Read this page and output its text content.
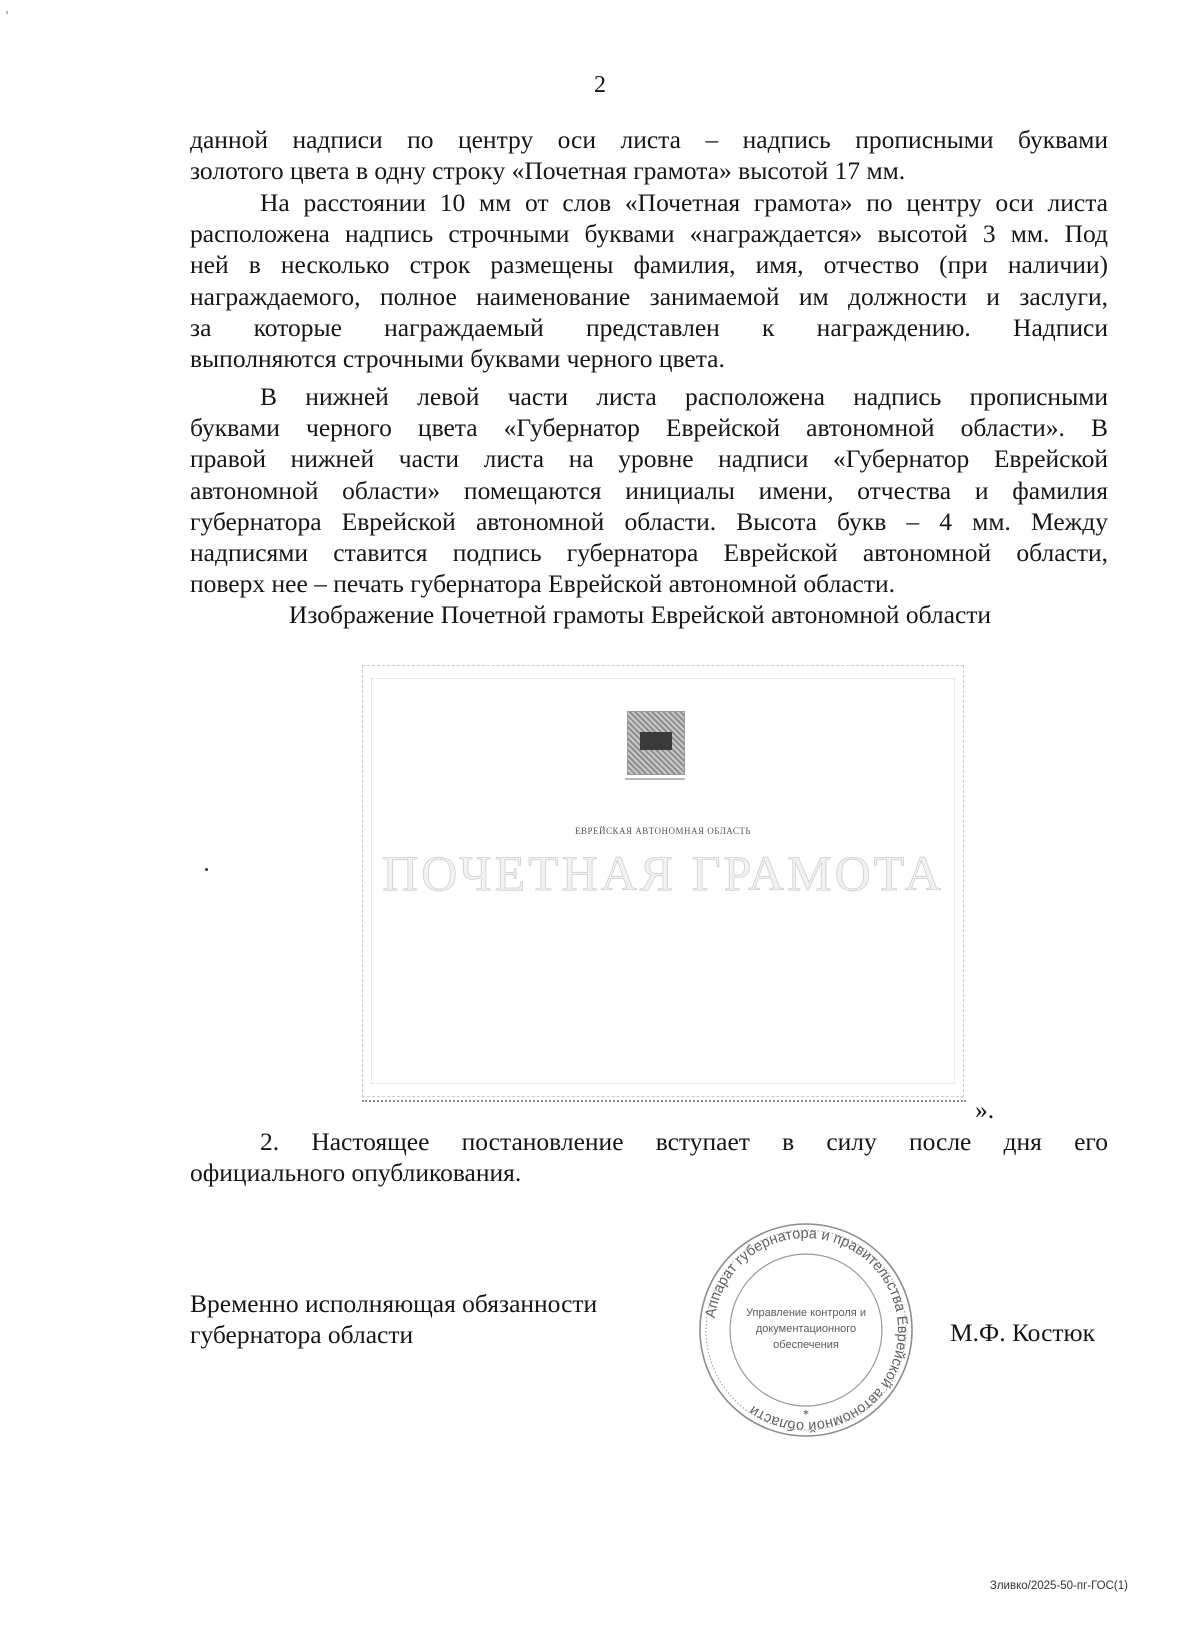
'
2
данной надписи по центру оси листа – надпись прописными буквами
золотого цвета в одну строку «Почетная грамота» высотой 17 мм.
На расстоянии 10 мм от слов «Почетная грамота» по центру оси листа
расположена надпись строчными буквами «награждается» высотой 3 мм. Под
ней в несколько строк размещены фамилия, имя, отчество (при наличии)
награждаемого, полное наименование занимаемой им должности и заслуги,
за которые награждаемый представлен к награждению. Надписи
выполняются строчными буквами черного цвета.
В нижней левой части листа расположена надпись прописными
буквами черного цвета «Губернатор Еврейской автономной области». В
правой нижней части листа на уровне надписи «Губернатор Еврейской
автономной области» помещаются инициалы имени, отчества и фамилия
губернатора Еврейской автономной области. Высота букв – 4 мм. Между
надписями ставится подпись губернатора Еврейской автономной области,
поверх нее – печать губернатора Еврейской автономной области.
Изображение Почетной грамоты Еврейской автономной области
ЕВРЕЙСКАЯ АВТОНОМНАЯ ОБЛАСТЬ
ПОЧЕТНАЯ ГРАМОТА
».
2. Настоящее постановление вступает в силу после дня его
официального опубликования.
Временно исполняющая обязанности
губернатора области
Аппарат губернатора и правительства Еврейской автономной области
Управление контроля и
документационного
обеспечения
✶
М.Ф. Костюк
Зливко/2025-50-пг-ГОС(1)
